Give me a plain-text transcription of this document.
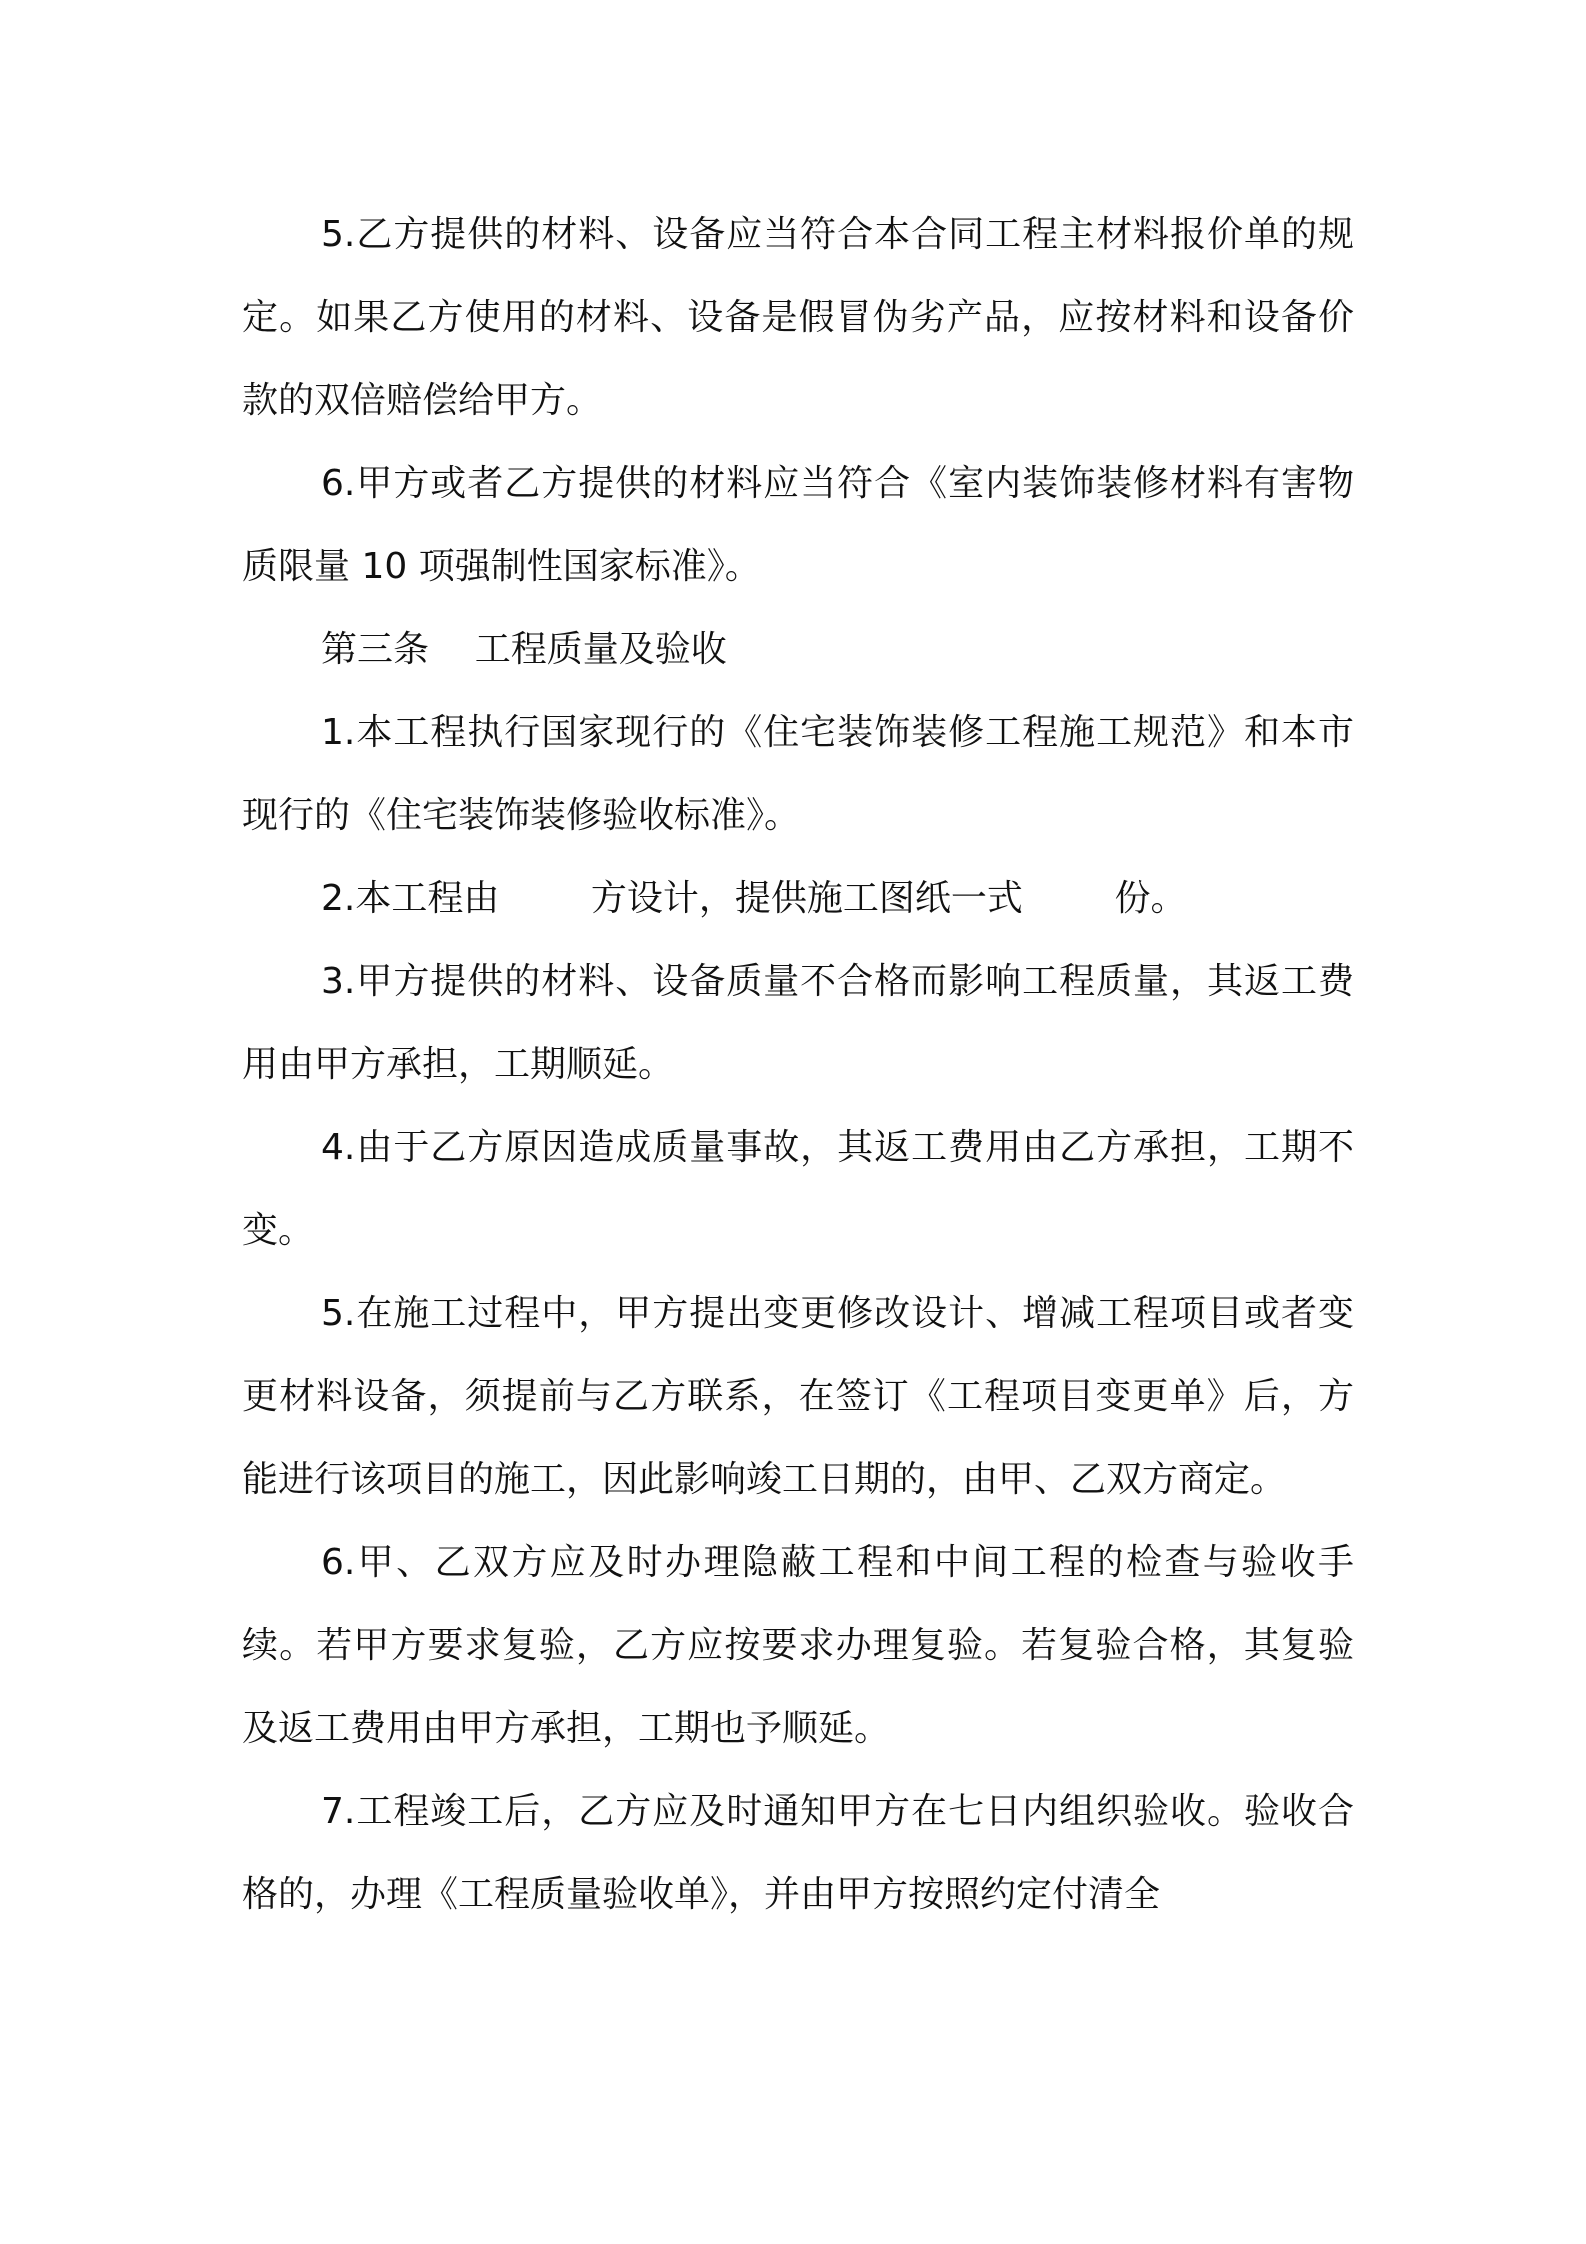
5.乙方提供的材料、设备应当符合本合同工程主材料报价单的规定。如果乙方使用的材料、设备是假冒伪劣产品，应按材料和设备价款的双倍赔偿给甲方。

6.甲方或者乙方提供的材料应当符合《室内装饰装修材料有害物质限量 10 项强制性国家标准》。

第三条    工程质量及验收

1.本工程执行国家现行的《住宅装饰装修工程施工规范》和本市现行的《住宅装饰装修验收标准》。

2.本工程由        方设计，提供施工图纸一式        份。

3.甲方提供的材料、设备质量不合格而影响工程质量，其返工费用由甲方承担，工期顺延。

4.由于乙方原因造成质量事故，其返工费用由乙方承担，工期不变。

5.在施工过程中，甲方提出变更修改设计、增减工程项目或者变更材料设备，须提前与乙方联系，在签订《工程项目变更单》后，方能进行该项目的施工，因此影响竣工日期的，由甲、乙双方商定。

6.甲、乙双方应及时办理隐蔽工程和中间工程的检查与验收手续。若甲方要求复验，乙方应按要求办理复验。若复验合格，其复验及返工费用由甲方承担，工期也予顺延。

7.工程竣工后，乙方应及时通知甲方在七日内组织验收。验收合格的，办理《工程质量验收单》，并由甲方按照约定付清全
